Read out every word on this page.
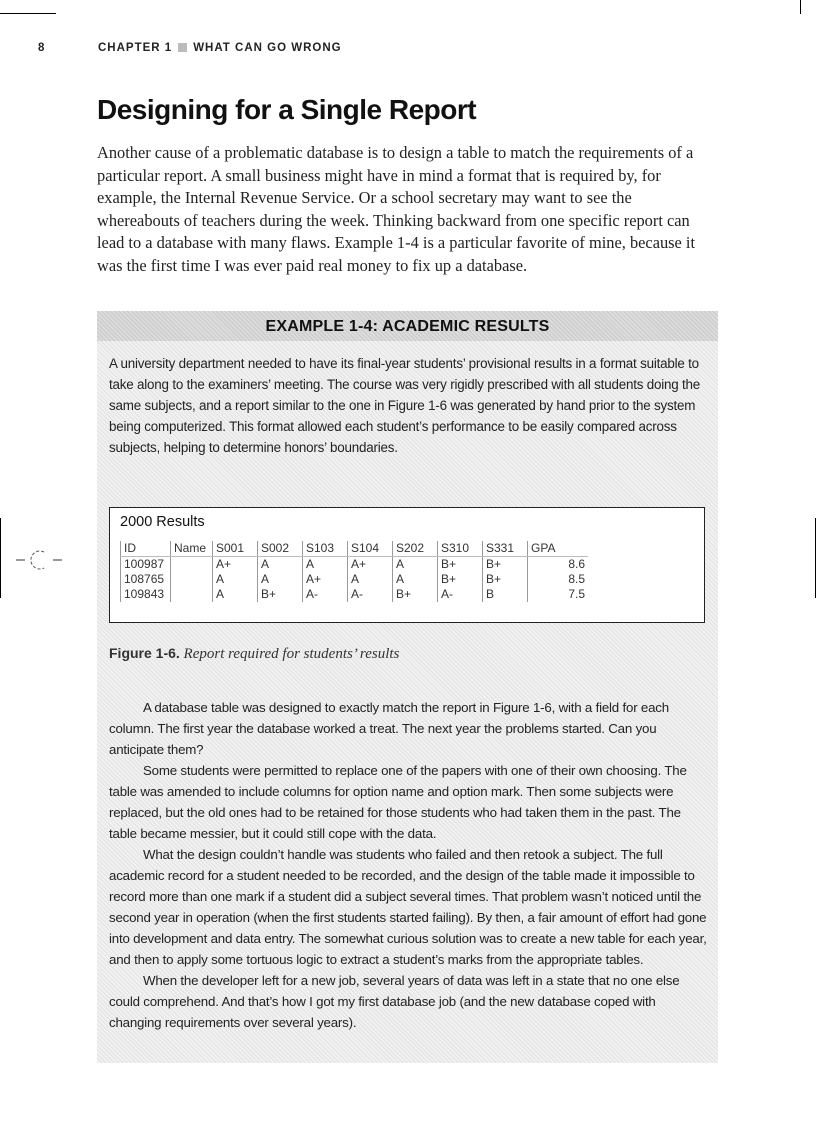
8	CHAPTER 1 WHAT CAN GO WRONG
Designing for a Single Report

Another cause of a problematic database is to design a table to match the requirements of a particular report. A small business might have in mind a format that is required by, for example, the Internal Revenue Service. Or a school secretary may want to see the whereabouts of teachers during the week. Thinking backward from one specific report can lead to a database with many flaws. Example 1-4 is a particular favorite of mine, because it was the first time I was ever paid real money to fix up a database.

EXAMPLE 1-4: ACADEMIC RESULTS

A university department needed to have its final-year students’ provisional results in a format suitable to take along to the examiners’ meeting. The course was very rigidly prescribed with all students doing the same subjects, and a report similar to the one in Figure 1-6 was generated by hand prior to the system being computerized. This format allowed each student’s performance to be easily compared across subjects, helping to determine honors’ boundaries.

2000 Results
ID	Name	S001	S002	S103	S104	S202	S310	S331	GPA
100987		A+	A	A	A+	A	B+	B+	8.6
108765		A	A	A+	A	A	B+	B+	8.5
109843		A	B+	A-	A-	B+	A-	B	7.5
Figure 1-6. Report required for students’ results

A database table was designed to exactly match the report in Figure 1-6, with a field for each column. The first year the database worked a treat. The next year the problems started. Can you anticipate them?

Some students were permitted to replace one of the papers with one of their own choosing. The table was amended to include columns for option name and option mark. Then some subjects were replaced, but the old ones had to be retained for those students who had taken them in the past. The table became messier, but it could still cope with the data.

What the design couldn’t handle was students who failed and then retook a subject. The full academic record for a student needed to be recorded, and the design of the table made it impossible to record more than one mark if a student did a subject several times. That problem wasn’t noticed until the second year in operation (when the first students started failing). By then, a fair amount of effort had gone into development and data entry. The somewhat curious solution was to create a new table for each year, and then to apply some tortuous logic to extract a student’s marks from the appropriate tables.

When the developer left for a new job, several years of data was left in a state that no one else could comprehend. And that’s how I got my first database job (and the new database coped with changing requirements over several years).
